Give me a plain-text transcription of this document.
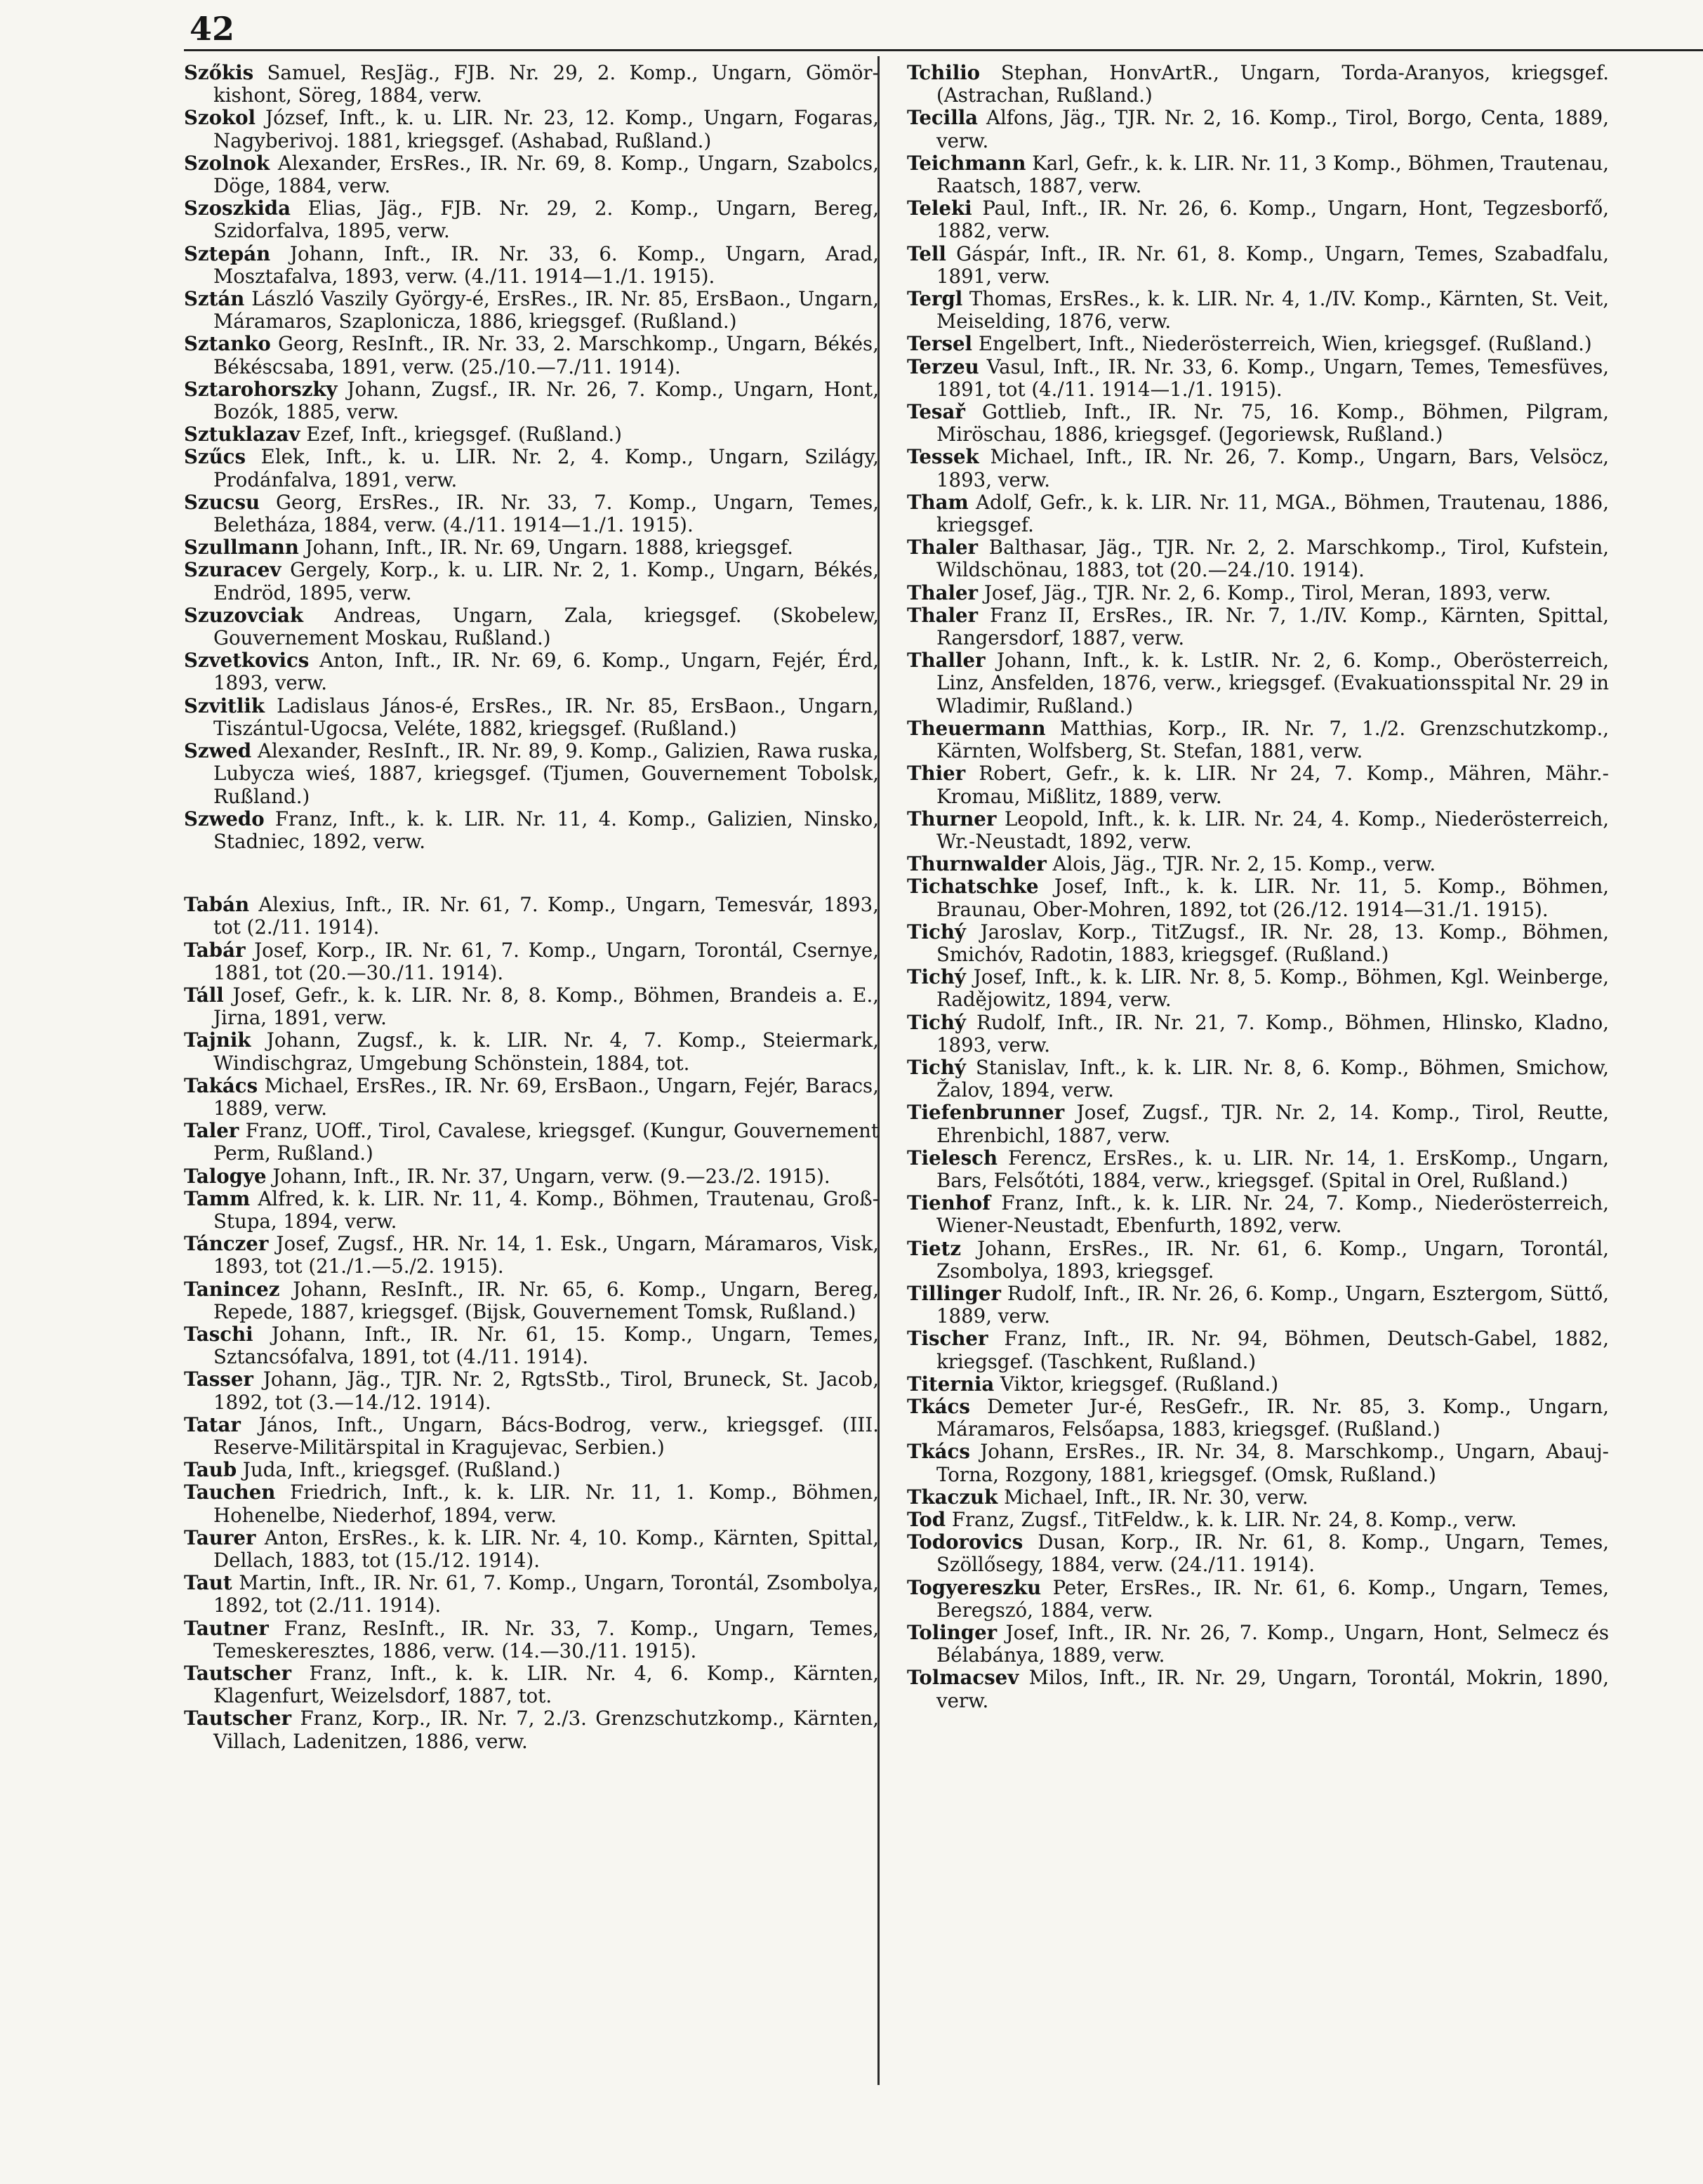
42
Szőkis Samuel, ResJäg., FJB. Nr. 29, 2. Komp., Ungarn, Gömör-kishont, Söreg, 1884, verw.
Szokol József, Inft., k. u. LIR. Nr. 23, 12. Komp., Ungarn, Fogaras, Nagyberivoj. 1881, kriegsgef. (Ashabad, Rußland.)
Szolnok Alexander, ErsRes., IR. Nr. 69, 8. Komp., Ungarn, Szabolcs, Döge, 1884, verw.
Szoszkida Elias, Jäg., FJB. Nr. 29, 2. Komp., Ungarn, Bereg, Szidorfalva, 1895, verw.
Sztepán Johann, Inft., IR. Nr. 33, 6. Komp., Ungarn, Arad, Mosztafalva, 1893, verw. (4./11. 1914—1./1. 1915).
Sztán László Vaszily György-é, ErsRes., IR. Nr. 85, ErsBaon., Ungarn, Máramaros, Szaplonicza, 1886, kriegsgef. (Rußland.)
Sztanko Georg, ResInft., IR. Nr. 33, 2. Marschkomp., Ungarn, Békés, Békéscsaba, 1891, verw. (25./10.—7./11. 1914).
Sztarohorszky Johann, Zugsf., IR. Nr. 26, 7. Komp., Ungarn, Hont, Bozók, 1885, verw.
Sztuklazav Ezef, Inft., kriegsgef. (Rußland.)
Szűcs Elek, Inft., k. u. LIR. Nr. 2, 4. Komp., Ungarn, Szilágy, Prodánfalva, 1891, verw.
Szucsu Georg, ErsRes., IR. Nr. 33, 7. Komp., Ungarn, Temes, Beletháza, 1884, verw. (4./11. 1914—1./1. 1915).
Szullmann Johann, Inft., IR. Nr. 69, Ungarn. 1888, kriegsgef.
Szuracev Gergely, Korp., k. u. LIR. Nr. 2, 1. Komp., Ungarn, Békés, Endröd, 1895, verw.
Szuzovciak Andreas, Ungarn, Zala, kriegsgef. (Skobelew, Gouvernement Moskau, Rußland.)
Szvetkovics Anton, Inft., IR. Nr. 69, 6. Komp., Ungarn, Fejér, Érd, 1893, verw.
Szvitlik Ladislaus János-é, ErsRes., IR. Nr. 85, ErsBaon., Ungarn, Tiszántul-Ugocsa, Veléte, 1882, kriegsgef. (Rußland.)
Szwed Alexander, ResInft., IR. Nr. 89, 9. Komp., Galizien, Rawa ruska, Lubycza wieś, 1887, kriegsgef. (Tjumen, Gouvernement Tobolsk, Rußland.)
Szwedo Franz, Inft., k. k. LIR. Nr. 11, 4. Komp., Galizien, Ninsko, Stadniec, 1892, verw.
Tabán Alexius, Inft., IR. Nr. 61, 7. Komp., Ungarn, Temesvár, 1893, tot (2./11. 1914).
Tabár Josef, Korp., IR. Nr. 61, 7. Komp., Ungarn, Torontál, Csernye, 1881, tot (20.—30./11. 1914).
Táll Josef, Gefr., k. k. LIR. Nr. 8, 8. Komp., Böhmen, Brandeis a. E., Jirna, 1891, verw.
Tajnik Johann, Zugsf., k. k. LIR. Nr. 4, 7. Komp., Steiermark, Windischgraz, Umgebung Schönstein, 1884, tot.
Takács Michael, ErsRes., IR. Nr. 69, ErsBaon., Ungarn, Fejér, Baracs, 1889, verw.
Taler Franz, UOff., Tirol, Cavalese, kriegsgef. (Kungur, Gouvernement Perm, Rußland.)
Talogye Johann, Inft., IR. Nr. 37, Ungarn, verw. (9.—23./2. 1915).
Tamm Alfred, k. k. LIR. Nr. 11, 4. Komp., Böhmen, Trautenau, Groß-Stupa, 1894, verw.
Tánczer Josef, Zugsf., HR. Nr. 14, 1. Esk., Ungarn, Máramaros, Visk, 1893, tot (21./1.—5./2. 1915).
Tanincez Johann, ResInft., IR. Nr. 65, 6. Komp., Ungarn, Bereg, Repede, 1887, kriegsgef. (Bijsk, Gouvernement Tomsk, Rußland.)
Taschi Johann, Inft., IR. Nr. 61, 15. Komp., Ungarn, Temes, Sztancsófalva, 1891, tot (4./11. 1914).
Tasser Johann, Jäg., TJR. Nr. 2, RgtsStb., Tirol, Bruneck, St. Jacob, 1892, tot (3.—14./12. 1914).
Tatar János, Inft., Ungarn, Bács-Bodrog, verw., kriegsgef. (III. Reserve-Militärspital in Kragujevac, Serbien.)
Taub Juda, Inft., kriegsgef. (Rußland.)
Tauchen Friedrich, Inft., k. k. LIR. Nr. 11, 1. Komp., Böhmen, Hohenelbe, Niederhof, 1894, verw.
Taurer Anton, ErsRes., k. k. LIR. Nr. 4, 10. Komp., Kärnten, Spittal, Dellach, 1883, tot (15./12. 1914).
Taut Martin, Inft., IR. Nr. 61, 7. Komp., Ungarn, Torontál, Zsombolya, 1892, tot (2./11. 1914).
Tautner Franz, ResInft., IR. Nr. 33, 7. Komp., Ungarn, Temes, Temeskeresztes, 1886, verw. (14.—30./11. 1915).
Tautscher Franz, Inft., k. k. LIR. Nr. 4, 6. Komp., Kärnten, Klagenfurt, Weizelsdorf, 1887, tot.
Tautscher Franz, Korp., IR. Nr. 7, 2./3. Grenzschutzkomp., Kärnten, Villach, Ladenitzen, 1886, verw.
Tchilio Stephan, HonvArtR., Ungarn, Torda-Aranyos, kriegsgef. (Astrachan, Rußland.)
Tecilla Alfons, Jäg., TJR. Nr. 2, 16. Komp., Tirol, Borgo, Centa, 1889, verw.
Teichmann Karl, Gefr., k. k. LIR. Nr. 11, 3 Komp., Böhmen, Trautenau, Raatsch, 1887, verw.
Teleki Paul, Inft., IR. Nr. 26, 6. Komp., Ungarn, Hont, Tegzesborfő, 1882, verw.
Tell Gáspár, Inft., IR. Nr. 61, 8. Komp., Ungarn, Temes, Szabadfalu, 1891, verw.
Tergl Thomas, ErsRes., k. k. LIR. Nr. 4, 1./IV. Komp., Kärnten, St. Veit, Meiselding, 1876, verw.
Tersel Engelbert, Inft., Niederösterreich, Wien, kriegsgef. (Rußland.)
Terzeu Vasul, Inft., IR. Nr. 33, 6. Komp., Ungarn, Temes, Temesfüves, 1891, tot (4./11. 1914—1./1. 1915).
Tesař Gottlieb, Inft., IR. Nr. 75, 16. Komp., Böhmen, Pilgram, Miröschau, 1886, kriegsgef. (Jegoriewsk, Rußland.)
Tessek Michael, Inft., IR. Nr. 26, 7. Komp., Ungarn, Bars, Velsöcz, 1893, verw.
Tham Adolf, Gefr., k. k. LIR. Nr. 11, MGA., Böhmen, Trautenau, 1886, kriegsgef.
Thaler Balthasar, Jäg., TJR. Nr. 2, 2. Marschkomp., Tirol, Kufstein, Wildschönau, 1883, tot (20.—24./10. 1914).
Thaler Josef, Jäg., TJR. Nr. 2, 6. Komp., Tirol, Meran, 1893, verw.
Thaler Franz II, ErsRes., IR. Nr. 7, 1./IV. Komp., Kärnten, Spittal, Rangersdorf, 1887, verw.
Thaller Johann, Inft., k. k. LstIR. Nr. 2, 6. Komp., Oberösterreich, Linz, Ansfelden, 1876, verw., kriegsgef. (Evakuationsspital Nr. 29 in Wladimir, Rußland.)
Theuermann Matthias, Korp., IR. Nr. 7, 1./2. Grenzschutzkomp., Kärnten, Wolfsberg, St. Stefan, 1881, verw.
Thier Robert, Gefr., k. k. LIR. Nr 24, 7. Komp., Mähren, Mähr.-Kromau, Mißlitz, 1889, verw.
Thurner Leopold, Inft., k. k. LIR. Nr. 24, 4. Komp., Niederösterreich, Wr.-Neustadt, 1892, verw.
Thurnwalder Alois, Jäg., TJR. Nr. 2, 15. Komp., verw.
Tichatschke Josef, Inft., k. k. LIR. Nr. 11, 5. Komp., Böhmen, Braunau, Ober-Mohren, 1892, tot (26./12. 1914—31./1. 1915).
Tichý Jaroslav, Korp., TitZugsf., IR. Nr. 28, 13. Komp., Böhmen, Smichóv, Radotin, 1883, kriegsgef. (Rußland.)
Tichý Josef, Inft., k. k. LIR. Nr. 8, 5. Komp., Böhmen, Kgl. Weinberge, Radějowitz, 1894, verw.
Tichý Rudolf, Inft., IR. Nr. 21, 7. Komp., Böhmen, Hlinsko, Kladno, 1893, verw.
Tichý Stanislav, Inft., k. k. LIR. Nr. 8, 6. Komp., Böhmen, Smichow, Žalov, 1894, verw.
Tiefenbrunner Josef, Zugsf., TJR. Nr. 2, 14. Komp., Tirol, Reutte, Ehrenbichl, 1887, verw.
Tielesch Ferencz, ErsRes., k. u. LIR. Nr. 14, 1. ErsKomp., Ungarn, Bars, Felsőtóti, 1884, verw., kriegsgef. (Spital in Orel, Rußland.)
Tienhof Franz, Inft., k. k. LIR. Nr. 24, 7. Komp., Niederösterreich, Wiener-Neustadt, Ebenfurth, 1892, verw.
Tietz Johann, ErsRes., IR. Nr. 61, 6. Komp., Ungarn, Torontál, Zsombolya, 1893, kriegsgef.
Tillinger Rudolf, Inft., IR. Nr. 26, 6. Komp., Ungarn, Esztergom, Süttő, 1889, verw.
Tischer Franz, Inft., IR. Nr. 94, Böhmen, Deutsch-Gabel, 1882, kriegsgef. (Taschkent, Rußland.)
Titernia Viktor, kriegsgef. (Rußland.)
Tkács Demeter Jur-é, ResGefr., IR. Nr. 85, 3. Komp., Ungarn, Máramaros, Felsőapsa, 1883, kriegsgef. (Rußland.)
Tkács Johann, ErsRes., IR. Nr. 34, 8. Marschkomp., Ungarn, Abauj-Torna, Rozgony, 1881, kriegsgef. (Omsk, Rußland.)
Tkaczuk Michael, Inft., IR. Nr. 30, verw.
Tod Franz, Zugsf., TitFeldw., k. k. LIR. Nr. 24, 8. Komp., verw.
Todorovics Dusan, Korp., IR. Nr. 61, 8. Komp., Ungarn, Temes, Szöllősegy, 1884, verw. (24./11. 1914).
Togyereszku Peter, ErsRes., IR. Nr. 61, 6. Komp., Ungarn, Temes, Beregszó, 1884, verw.
Tolinger Josef, Inft., IR. Nr. 26, 7. Komp., Ungarn, Hont, Selmecz és Bélabánya, 1889, verw.
Tolmacsev Milos, Inft., IR. Nr. 29, Ungarn, Torontál, Mokrin, 1890, verw.
